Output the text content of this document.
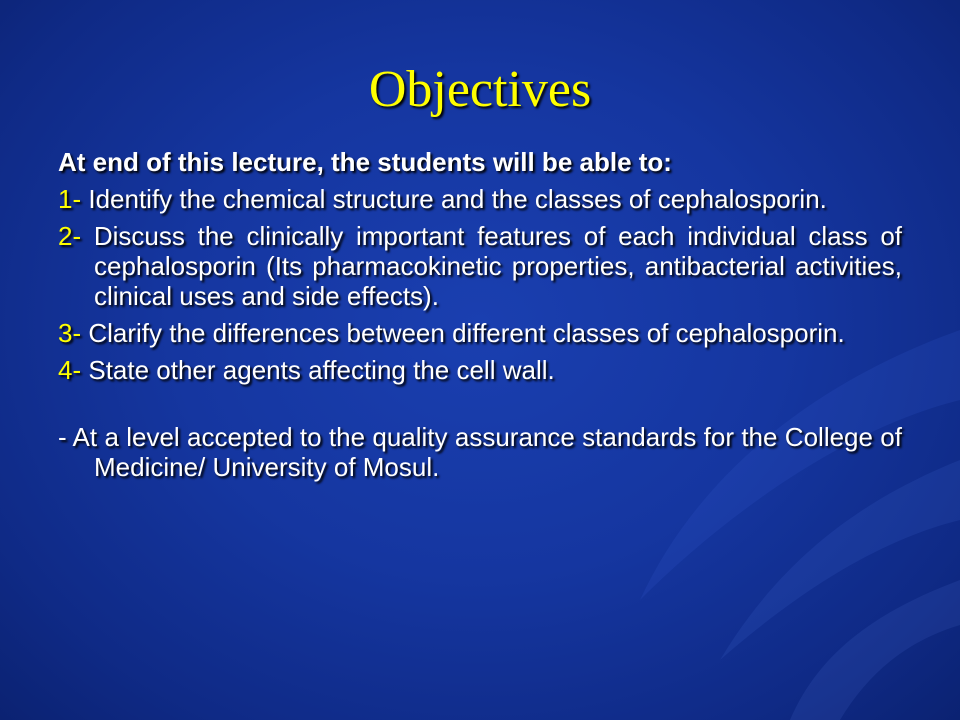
Objectives

At end of this lecture, the students will be able to:

1- Identify the chemical structure and the classes of cephalosporin.

2- Discuss the clinically important features of each individual class of cephalosporin (Its pharmacokinetic properties, antibacterial activities, clinical uses and side effects).

3- Clarify the differences between different classes of cephalosporin.

4- State other agents affecting the cell wall.

- At a level accepted to the quality assurance standards for the College of Medicine/ University of Mosul.
